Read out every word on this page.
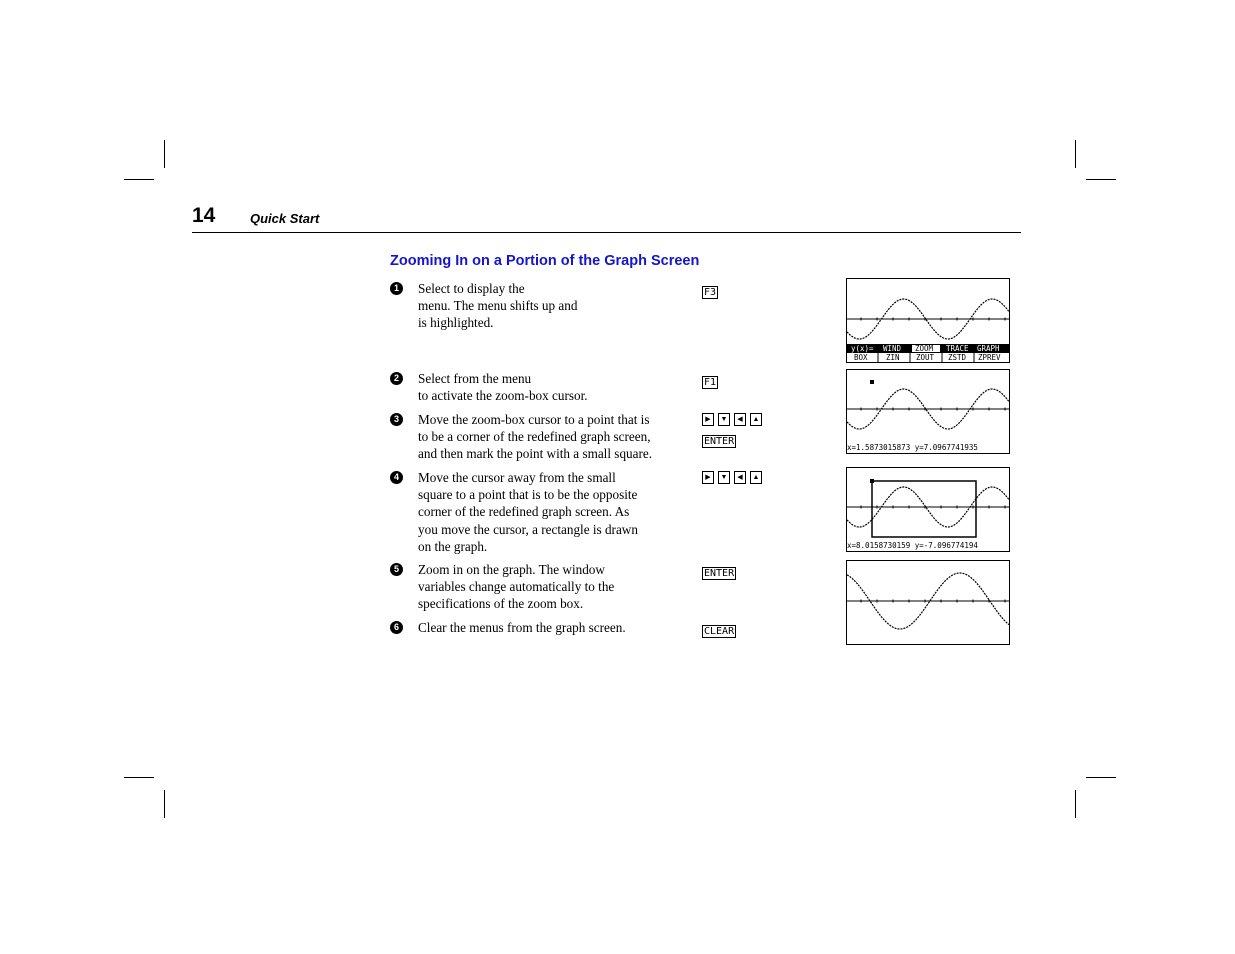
14	Quick Start
Zooming In on a Portion of the Graph Screen
1	Select to display the
menu. The menu shifts up and
is highlighted.
F3
2	Select from the menu
to activate the zoom-box cursor.
F1
3	Move the zoom-box cursor to a point that is
to be a corner of the redefined graph screen,
and then mark the point with a small square.
▶ ▼ ◀ ▲
ENTER
4	Move the cursor away from the small
square to a point that is to be the opposite
corner of the redefined graph screen. As
you move the cursor, a rectangle is drawn
on the graph.
▶ ▼ ◀ ▲
5	Zoom in on the graph. The window
variables change automatically to the
specifications of the zoom box.
ENTER
6	Clear the menus from the graph screen.	CLEAR
y(x)= WIND ZOOM TRACE GRAPH
BOX ZIN ZOUT ZSTD ZPREV
x=1.5873015873 y=7.0967741935
x=8.0158730159 y=-7.096774194
